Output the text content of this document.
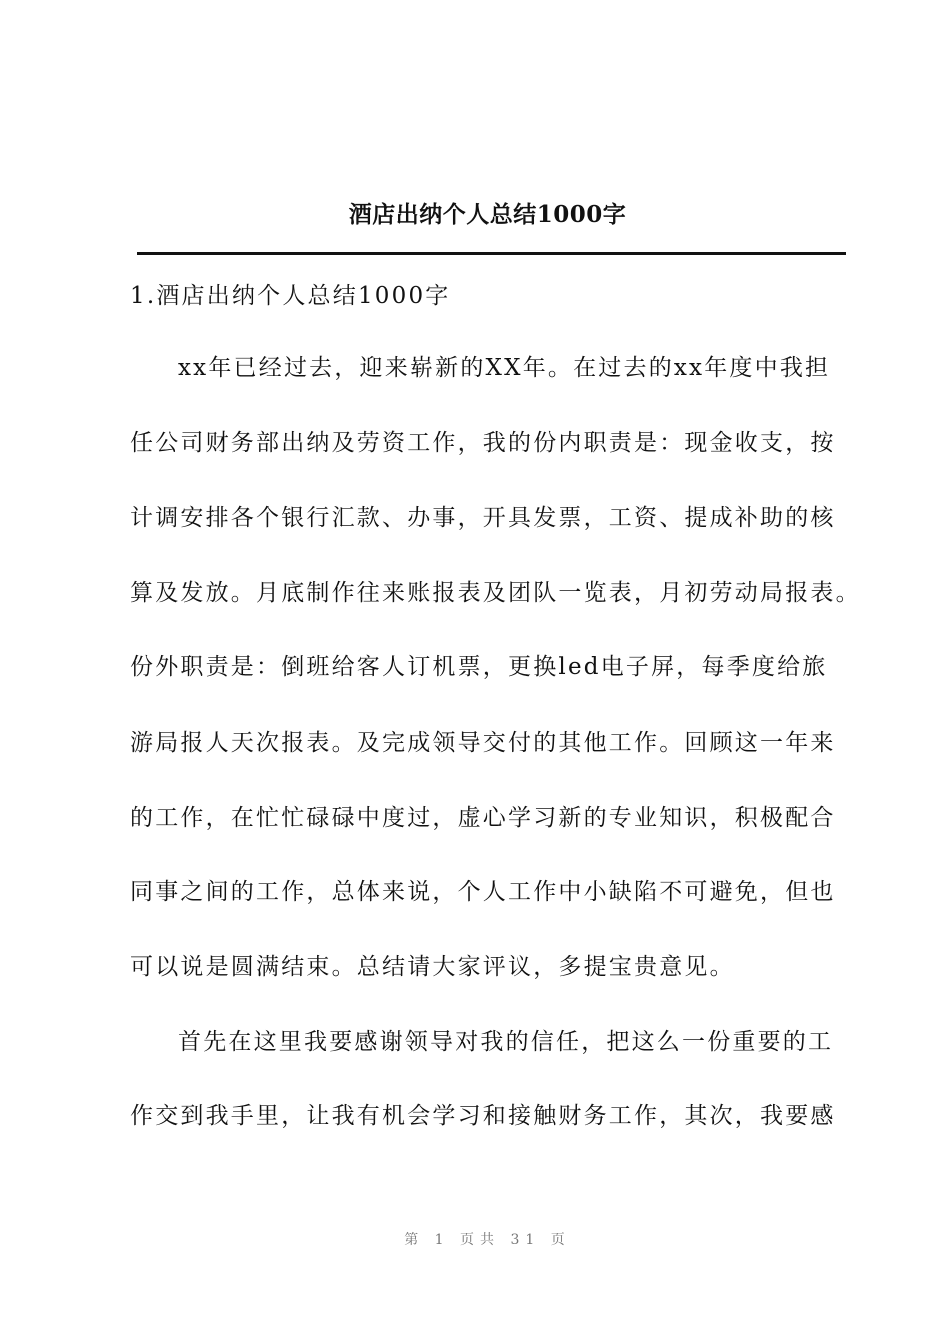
酒店出纳个人总结1000字
1.酒店出纳个人总结1000字
xx年已经过去，迎来崭新的XX年。在过去的xx年度中我担
任公司财务部出纳及劳资工作，我的份内职责是：现金收支，按
计调安排各个银行汇款、办事，开具发票，工资、提成补助的核
算及发放。月底制作往来账报表及团队一览表，月初劳动局报表。
份外职责是：倒班给客人订机票，更换led电子屏，每季度给旅
游局报人天次报表。及完成领导交付的其他工作。回顾这一年来
的工作，在忙忙碌碌中度过，虚心学习新的专业知识，积极配合
同事之间的工作，总体来说，个人工作中小缺陷不可避免，但也
可以说是圆满结束。总结请大家评议，多提宝贵意见。
首先在这里我要感谢领导对我的信任，把这么一份重要的工
作交到我手里，让我有机会学习和接触财务工作，其次，我要感
第 1 页共 31 页
